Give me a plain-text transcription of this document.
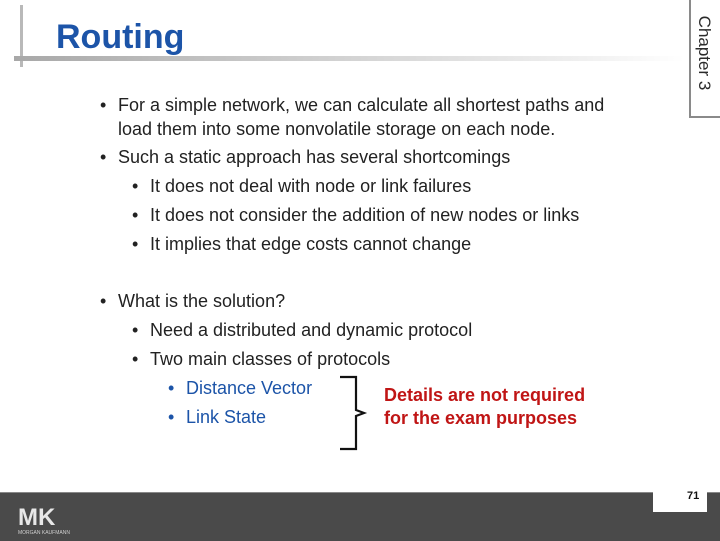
Routing	Chapter 3
• For a simple network, we can calculate all shortest paths and
load them into some nonvolatile storage on each node.
• Such a static approach has several shortcomings
• It does not deal with node or link failures
• It does not consider the addition of new nodes or links
• It implies that edge costs cannot change
• What is the solution?
• Need a distributed and dynamic protocol
• Two main classes of protocols
• Distance Vector
• Link State
Details are not required
for the exam purposes
MK
MORGAN KAUFMANN
71
